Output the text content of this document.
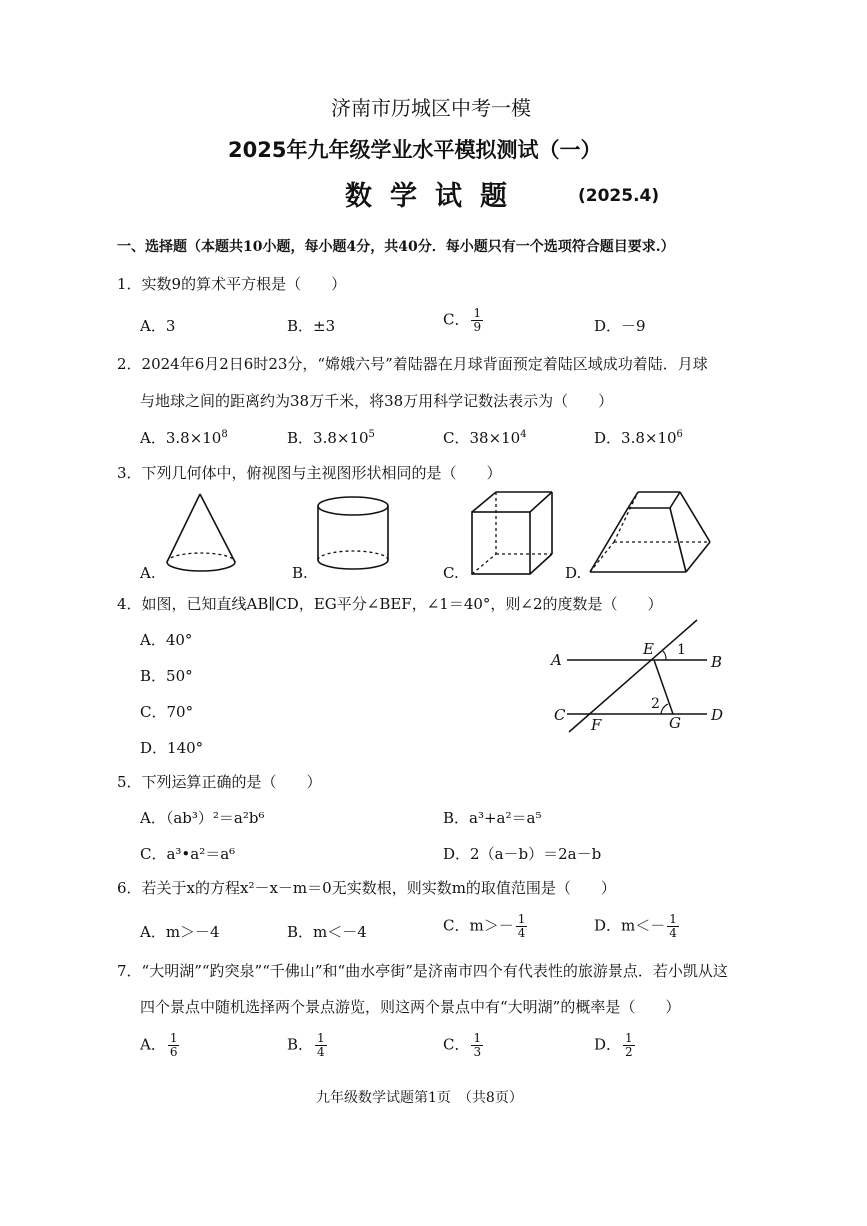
济南市历城区中考一模
2025年九年级学业水平模拟测试（一）
数学试题	(2025.4)
一、选择题（本题共10小题，每小题4分，共40分．每小题只有一个选项符合题目要求.）
1．实数9的算术平方根是（　　）
A．3	B．±3	C． $\frac{1}{9}$	D．－9
2．2024年6月2日6时23分，“嫦娥六号”着陆器在月球背面预定着陆区域成功着陆．月球
与地球之间的距离约为38万千米，将38万用科学记数法表示为（　　）
A．$3.8\times 10^8$	B．$3.8\times 10^5$	C．$38\times 10^4$	D．$3.8\times 10^6$
3．下列几何体中，俯视图与主视图形状相同的是（　　）
A.	B.	C.	D.
4．如图，已知直线AB∥CD，EG平分∠BEF，∠1＝40°，则∠2的度数是（　　）
A．40°
B．50°
C．70°
D．140°
A	B
C	D
E
F	G
1
2
5．下列运算正确的是（　　）
A．（ab³）²＝a²b⁶	B．a³+a²＝a⁵
C．a³•a²＝a⁶	D．2（a－b）＝2a－b
6．若关于x的方程x²－x－m＝0无实数根，则实数m的取值范围是（　　）
A．m＞－4	B．m＜－4	C．$m>- \frac{1}{4}$	D．$m<- \frac{1}{4}$
7．“大明湖”“趵突泉”“千佛山”和“曲水亭街”是济南市四个有代表性的旅游景点．若小凯从这
四个景点中随机选择两个景点游览，则这两个景点中有“大明湖”的概率是（　　）
A． $\frac{1}{6}$	B． $\frac{1}{4}$	C． $\frac{1}{3}$	D． $\frac{1}{2}$
九年级数学试题第1页　（共8页）
